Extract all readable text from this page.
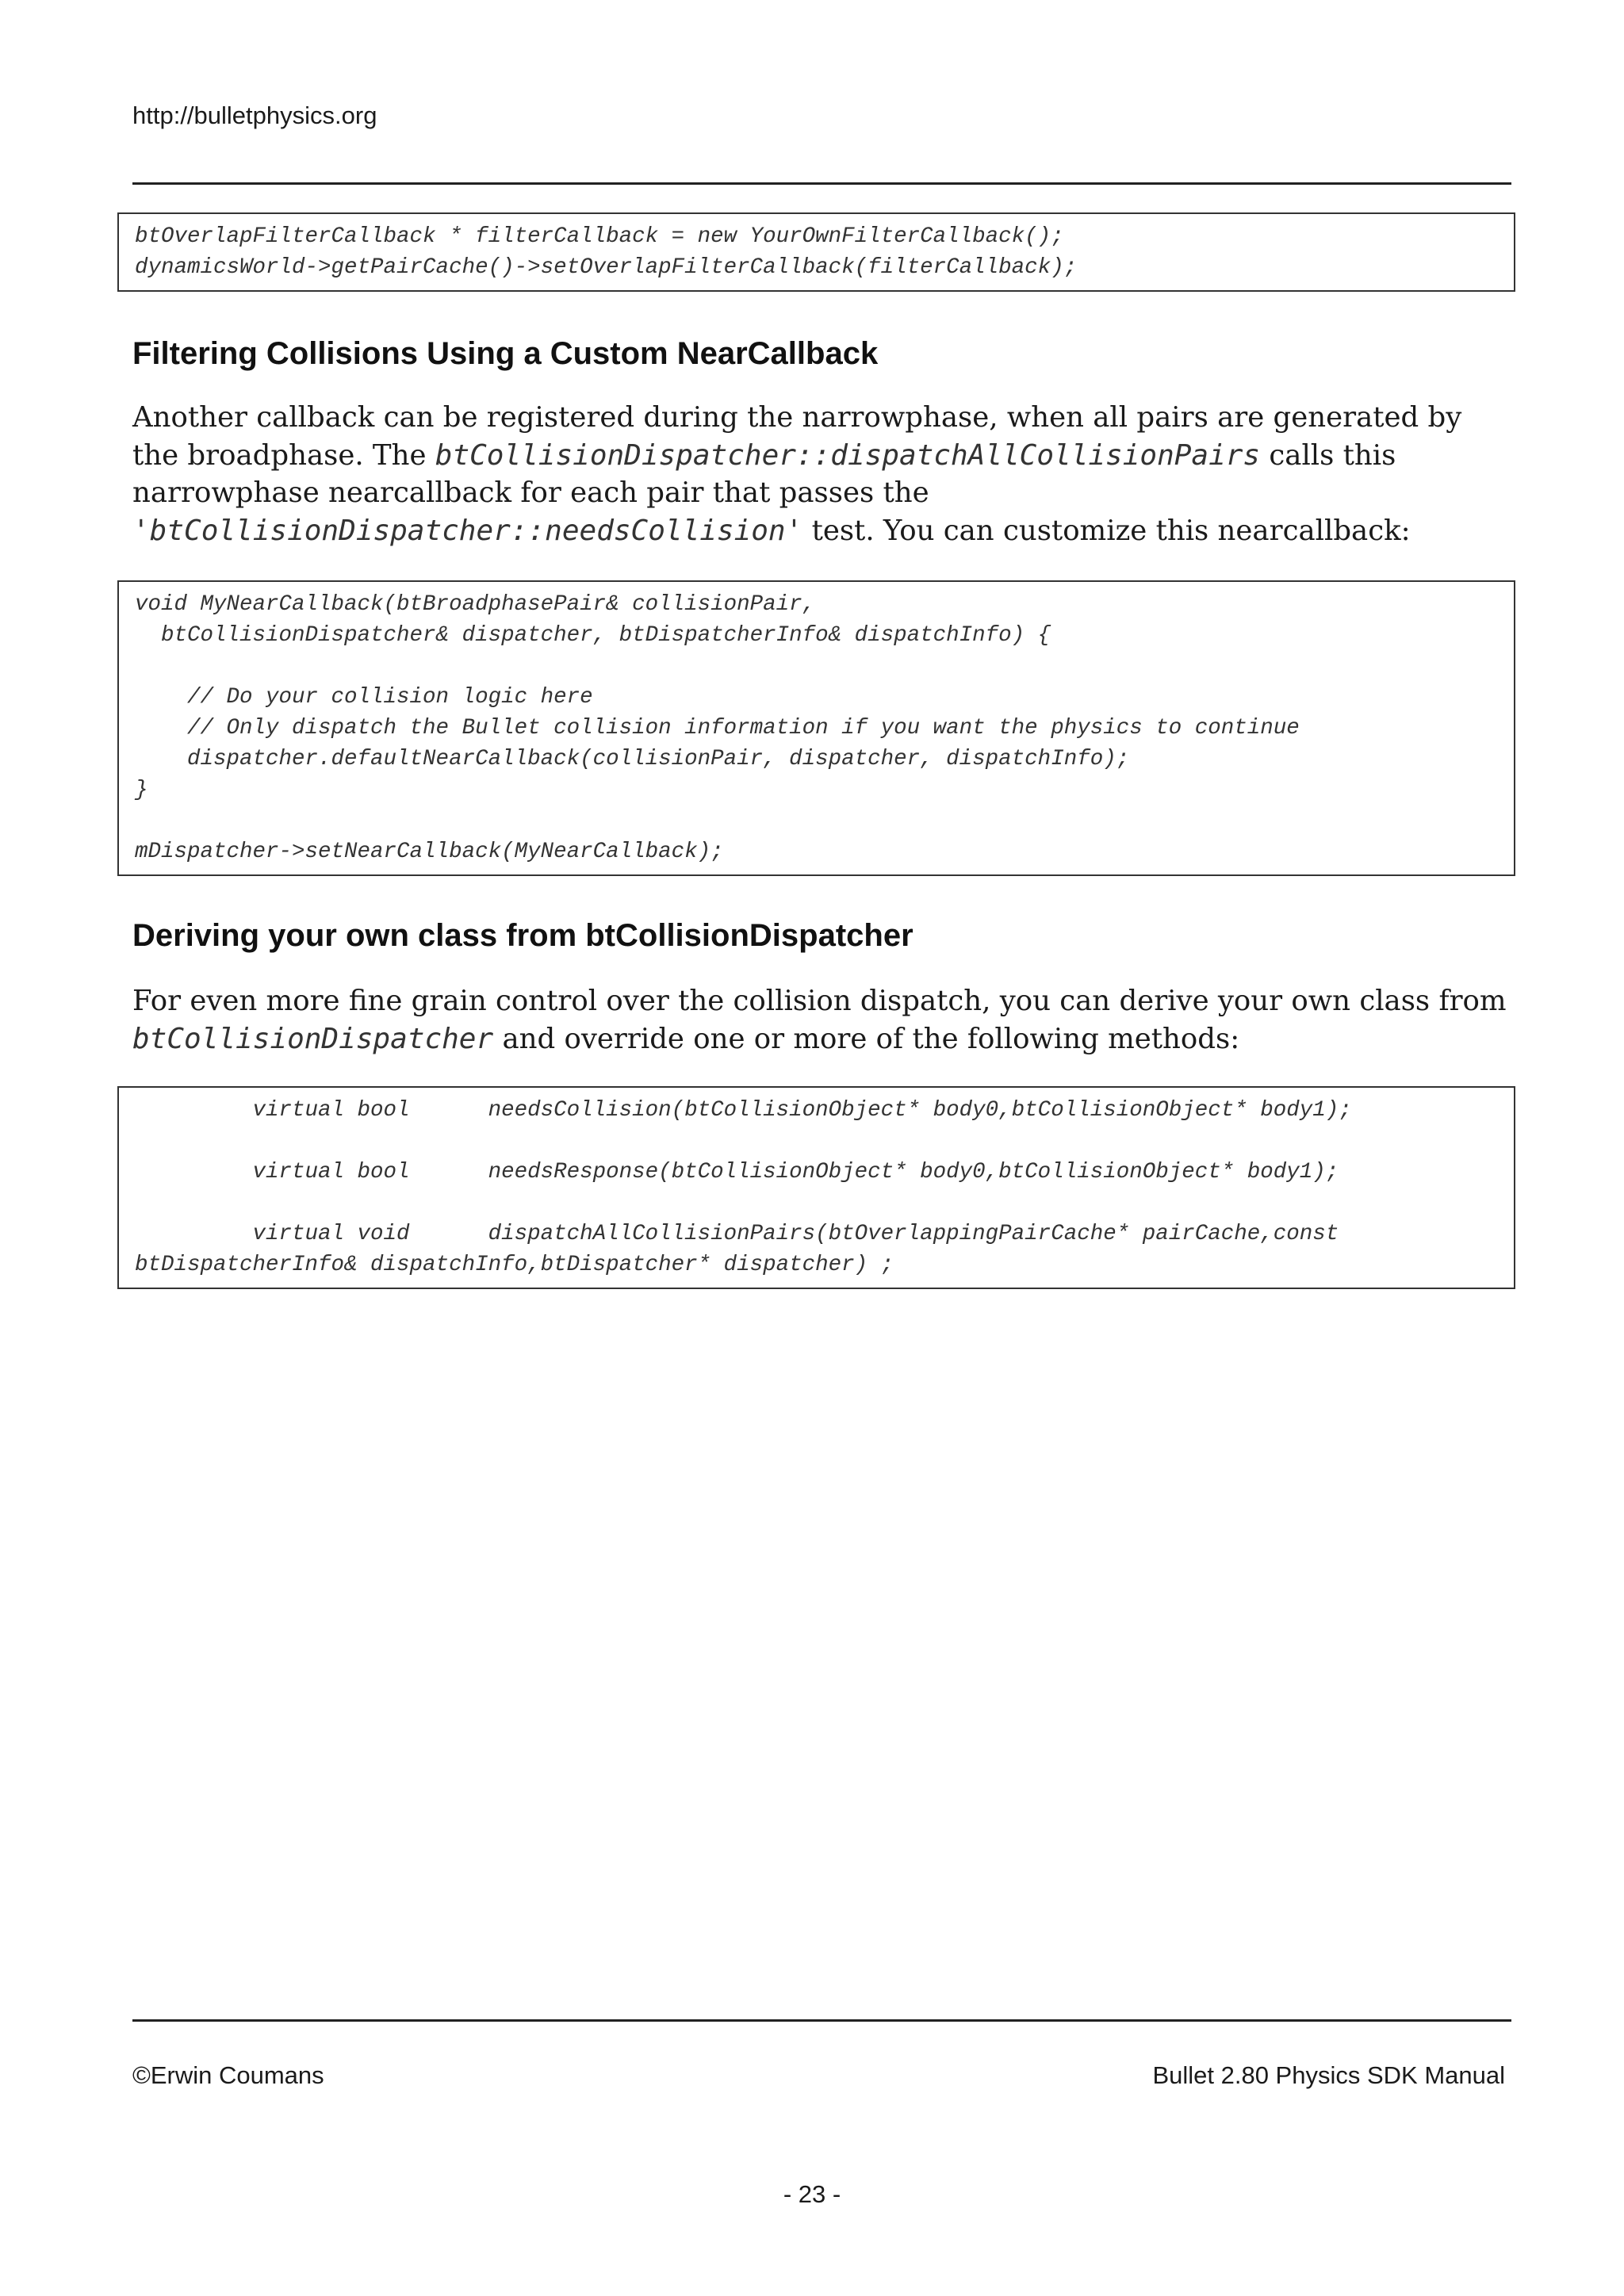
http://bulletphysics.org
btOverlapFilterCallback * filterCallback = new YourOwnFilterCallback();
dynamicsWorld->getPairCache()->setOverlapFilterCallback(filterCallback);
Filtering Collisions Using a Custom NearCallback

Another callback can be registered during the narrowphase, when all pairs are generated by the broadphase. The btCollisionDispatcher::dispatchAllCollisionPairs calls this narrowphase nearcallback for each pair that passes the 'btCollisionDispatcher::needsCollision' test. You can customize this nearcallback:

void MyNearCallback(btBroadphasePair& collisionPair,
btCollisionDispatcher& dispatcher, btDispatcherInfo& dispatchInfo) {
// Do your collision logic here
// Only dispatch the Bullet collision information if you want the physics to continue
dispatcher.defaultNearCallback(collisionPair, dispatcher, dispatchInfo);
}
mDispatcher->setNearCallback(MyNearCallback);
Deriving your own class from btCollisionDispatcher

For even more fine grain control over the collision dispatch, you can derive your own class from btCollisionDispatcher and override one or more of the following methods:

virtual bool      needsCollision(btCollisionObject* body0,btCollisionObject* body1);
virtual bool      needsResponse(btCollisionObject* body0,btCollisionObject* body1);
virtual void      dispatchAllCollisionPairs(btOverlappingPairCache* pairCache,const
btDispatcherInfo& dispatchInfo,btDispatcher* dispatcher) ;
©Erwin Coumans	Bullet 2.80 Physics SDK Manual
- 23 -
